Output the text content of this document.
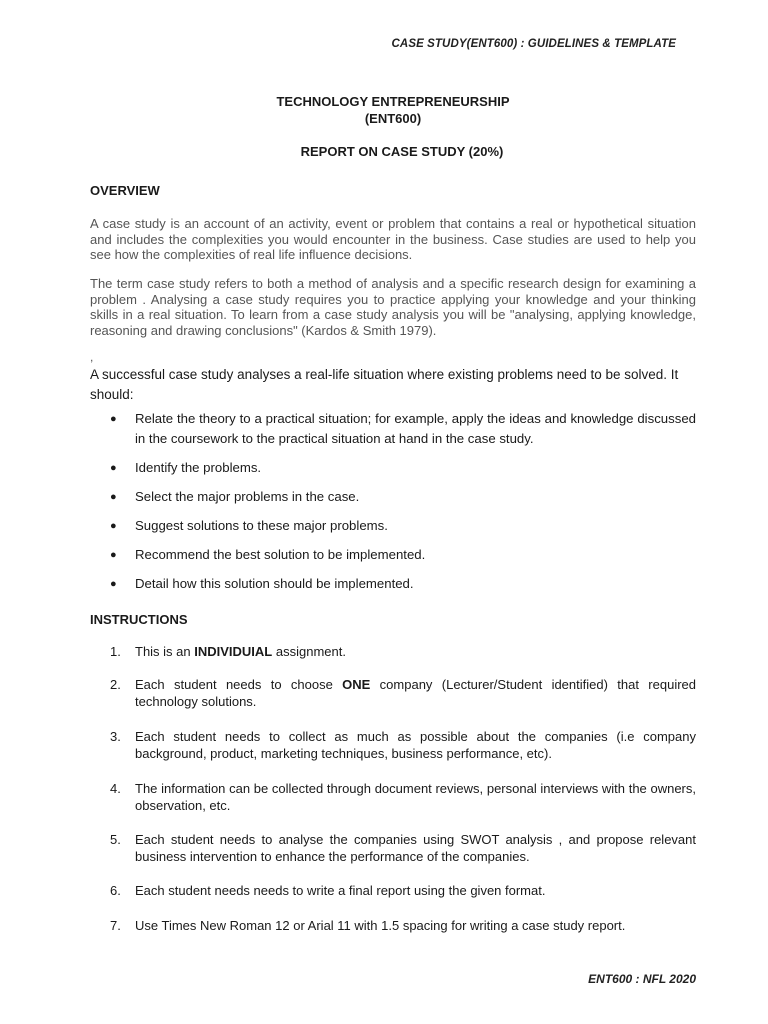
CASE STUDY(ENT600) : GUIDELINES & TEMPLATE
TECHNOLOGY ENTREPRENEURSHIP
(ENT600)
REPORT ON CASE STUDY (20%)
OVERVIEW
A case study is an account of an activity, event or problem that contains a real or hypothetical situation and includes the complexities you would encounter in the business. Case studies are used to help you see how the complexities of real life influence decisions.
The term case study refers to both a method of analysis and a specific research design for examining a problem . Analysing a case study requires you to practice applying your knowledge and your thinking skills in a real situation. To learn from a case study analysis you will be "analysing, applying knowledge, reasoning and drawing conclusions" (Kardos & Smith 1979).
,
A successful case study analyses a real-life situation where existing problems need to be solved. It should:
● Relate the theory to a practical situation; for example, apply the ideas and knowledge discussed in the coursework to the practical situation at hand in the case study.
● Identify the problems.
● Select the major problems in the case.
● Suggest solutions to these major problems.
● Recommend the best solution to be implemented.
● Detail how this solution should be implemented.
INSTRUCTIONS
1. This is an INDIVIDUIAL assignment.
2. Each student needs to choose ONE company (Lecturer/Student identified) that required technology solutions.
3. Each student needs to collect as much as possible about the companies (i.e company background, product, marketing techniques, business performance, etc).
4. The information can be collected through document reviews, personal interviews with the owners, observation, etc.
5. Each student needs to analyse the companies using SWOT analysis , and propose relevant business intervention to enhance the performance of the companies.
6. Each student needs needs to write a final report using the given format.
7. Use Times New Roman 12 or Arial 11 with 1.5 spacing for writing a case study report.
ENT600 : NFL 2020
